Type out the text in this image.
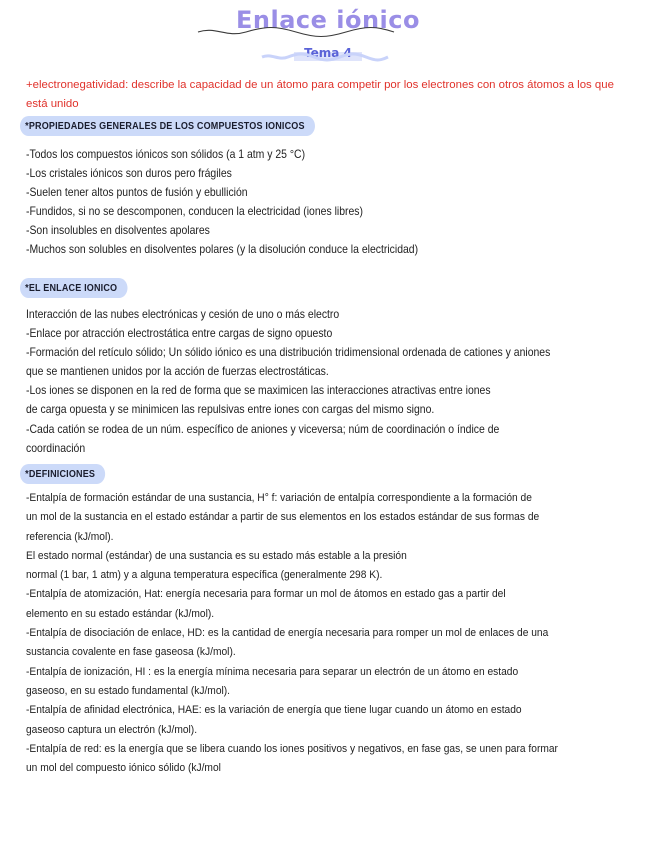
Enlace iónico
Tema 4
+electronegatividad: describe la capacidad de un átomo para competir por los electrones con otros átomos a los que está unido
*PROPIEDADES GENERALES DE LOS COMPUESTOS IONICOS
-Todos los compuestos iónicos son sólidos (a 1 atm y 25 °C)
-Los cristales iónicos son duros pero frágiles
-Suelen tener altos puntos de fusión y ebullición
-Fundidos, si no se descomponen, conducen la electricidad (iones libres)
-Son insolubles en disolventes apolares
-Muchos son solubles en disolventes polares (y la disolución conduce la electricidad)
*EL ENLACE IONICO
Interacción de las nubes electrónicas y cesión de uno o más electro
-Enlace por atracción electrostática entre cargas de signo opuesto
-Formación del retículo sólido; Un sólido iónico es una distribución tridimensional ordenada de cationes y aniones
que se mantienen unidos por la acción de fuerzas electrostáticas.
-Los iones se disponen en la red de forma que se maximicen las interacciones atractivas entre iones
de carga opuesta y se minimicen las repulsivas entre iones con cargas del mismo signo.
-Cada catión se rodea de un núm. específico de aniones y viceversa; núm de coordinación o índice de
coordinación
*DEFINICIONES
-Entalpía de formación estándar de una sustancia, H° f: variación de entalpía correspondiente a la formación de
un mol de la sustancia en el estado estándar a partir de sus elementos en los estados estándar de sus formas de
referencia (kJ/mol).
El estado normal (estándar) de una sustancia es su estado más estable a la presión
normal (1 bar, 1 atm) y a alguna temperatura específica (generalmente 298 K).
-Entalpía de atomización, Hat: energía necesaria para formar un mol de átomos en estado gas a partir del
elemento en su estado estándar (kJ/mol).
-Entalpía de disociación de enlace, HD: es la cantidad de energía necesaria para romper un mol de enlaces de una
sustancia covalente en fase gaseosa (kJ/mol).
-Entalpía de ionización, HI : es la energía mínima necesaria para separar un electrón de un átomo en estado
gaseoso, en su estado fundamental (kJ/mol).
-Entalpía de afinidad electrónica, HAE: es la variación de energía que tiene lugar cuando un átomo en estado
gaseoso captura un electrón (kJ/mol).
-Entalpía de red: es la energía que se libera cuando los iones positivos y negativos, en fase gas, se unen para formar
un mol del compuesto iónico sólido (kJ/mol
